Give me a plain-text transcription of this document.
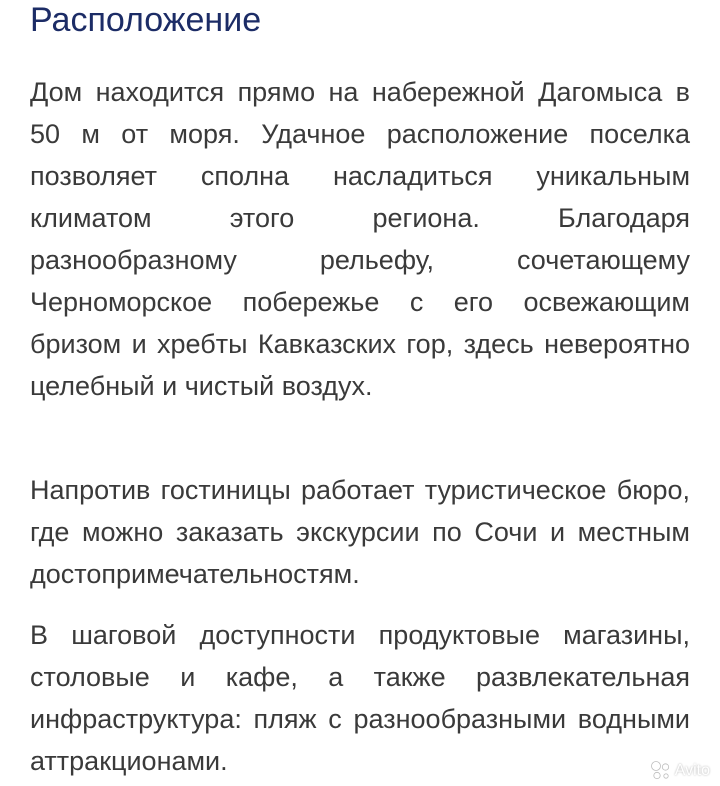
Расположение

Дом находится прямо на набережной Дагомыса в 50 м от моря. Удачное расположение поселка позволяет сполна насладиться уникальным климатом этого региона. Благодаря разнообразному рельефу, сочетающему Черноморское побережье с его освежающим бризом и хребты Кавказских гор, здесь невероятно целебный и чистый воздух.

Напротив гостиницы работает туристическое бюро, где можно заказать экскурсии по Сочи и местным достопримечательностям.

В шаговой доступности продуктовые магазины, столовые и кафе, а также развлекательная инфраструктура: пляж с разнообразными водными аттракционами.	Avito
